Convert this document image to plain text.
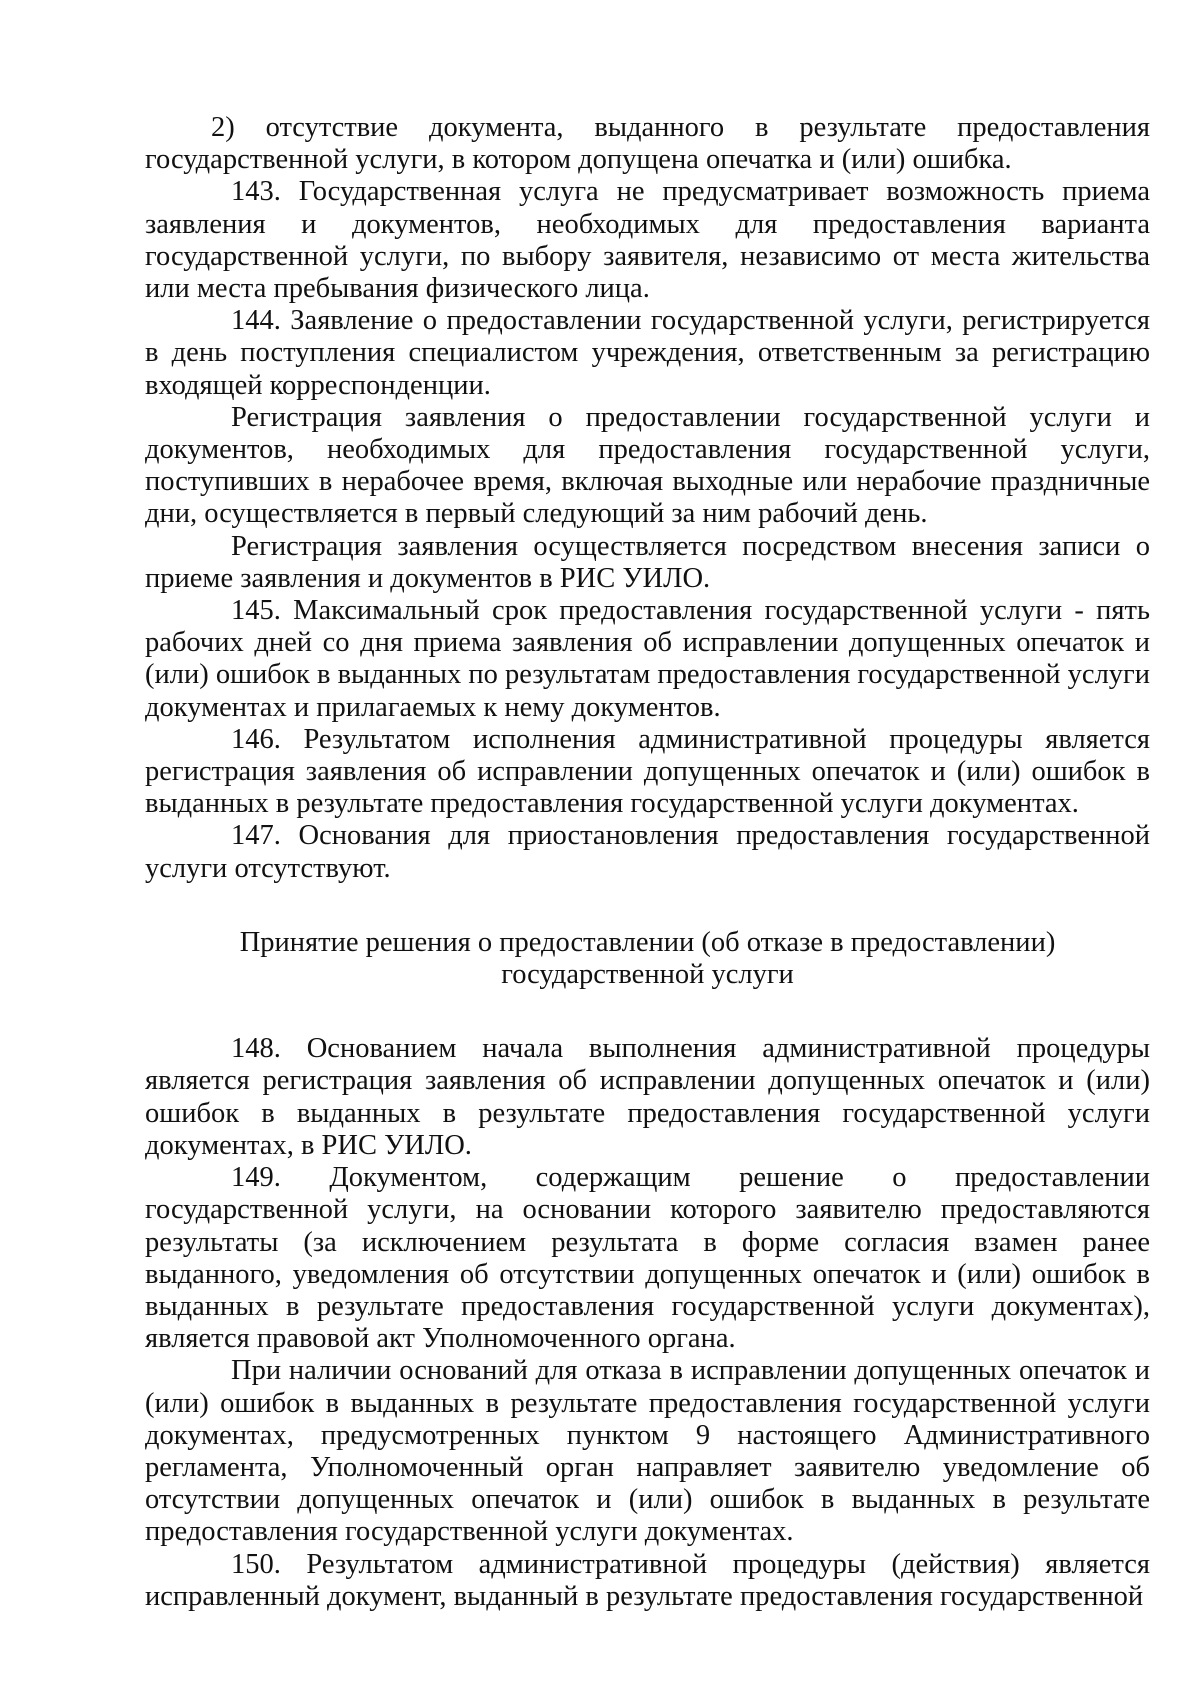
2) отсутствие документа, выданного в результате предоставления государственной услуги, в котором допущена опечатка и (или) ошибка.

143. Государственная услуга не предусматривает возможность приема заявления и документов, необходимых для предоставления варианта государственной услуги, по выбору заявителя, независимо от места жительства или места пребывания физического лица.

144. Заявление о предоставлении государственной услуги, регистрируется в день поступления специалистом учреждения, ответственным за регистрацию входящей корреспонденции.

Регистрация заявления о предоставлении государственной услуги и документов, необходимых для предоставления государственной услуги, поступивших в нерабочее время, включая выходные или нерабочие праздничные дни, осуществляется в первый следующий за ним рабочий день.

Регистрация заявления осуществляется посредством внесения записи о приеме заявления и документов в РИС УИЛО.

145. Максимальный срок предоставления государственной услуги - пять рабочих дней со дня приема заявления об исправлении допущенных опечаток и (или) ошибок в выданных по результатам предоставления государственной услуги документах и прилагаемых к нему документов.

146. Результатом исполнения административной процедуры является регистрация заявления об исправлении допущенных опечаток и (или) ошибок в выданных в результате предоставления государственной услуги документах.

147. Основания для приостановления предоставления государственной услуги отсутствуют.

Принятие решения о предоставлении (об отказе в предоставлении)
государственной услуги

148. Основанием начала выполнения административной процедуры является регистрация заявления об исправлении допущенных опечаток и (или) ошибок в выданных в результате предоставления государственной услуги документах, в РИС УИЛО.

149. Документом, содержащим решение о предоставлении государственной услуги, на основании которого заявителю предоставляются результаты (за исключением результата в форме согласия взамен ранее выданного, уведомления об отсутствии допущенных опечаток и (или) ошибок в выданных в результате предоставления государственной услуги документах), является правовой акт Уполномоченного органа.

При наличии оснований для отказа в исправлении допущенных опечаток и (или) ошибок в выданных в результате предоставления государственной услуги документах, предусмотренных пунктом 9 настоящего Административного регламента, Уполномоченный орган направляет заявителю уведомление об отсутствии допущенных опечаток и (или) ошибок в выданных в результате предоставления государственной услуги документах.

150. Результатом административной процедуры (действия) является исправленный документ, выданный в результате предоставления государственной
